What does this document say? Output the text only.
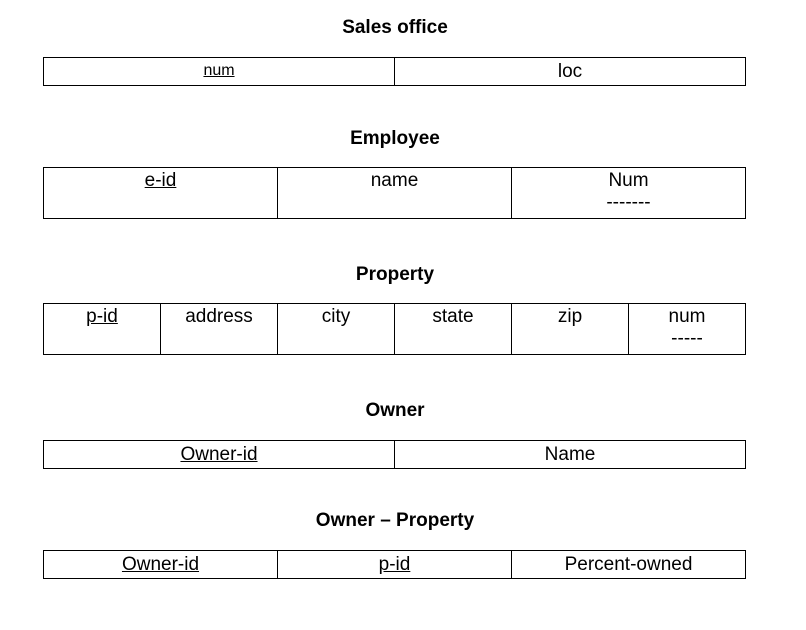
Sales office
num	loc
Employee
e-id	name	Num
-------
Property
p-id	address	city	state	zip	num
-----
Owner
Owner-id	Name
Owner – Property
Owner-id	p-id	Percent-owned
